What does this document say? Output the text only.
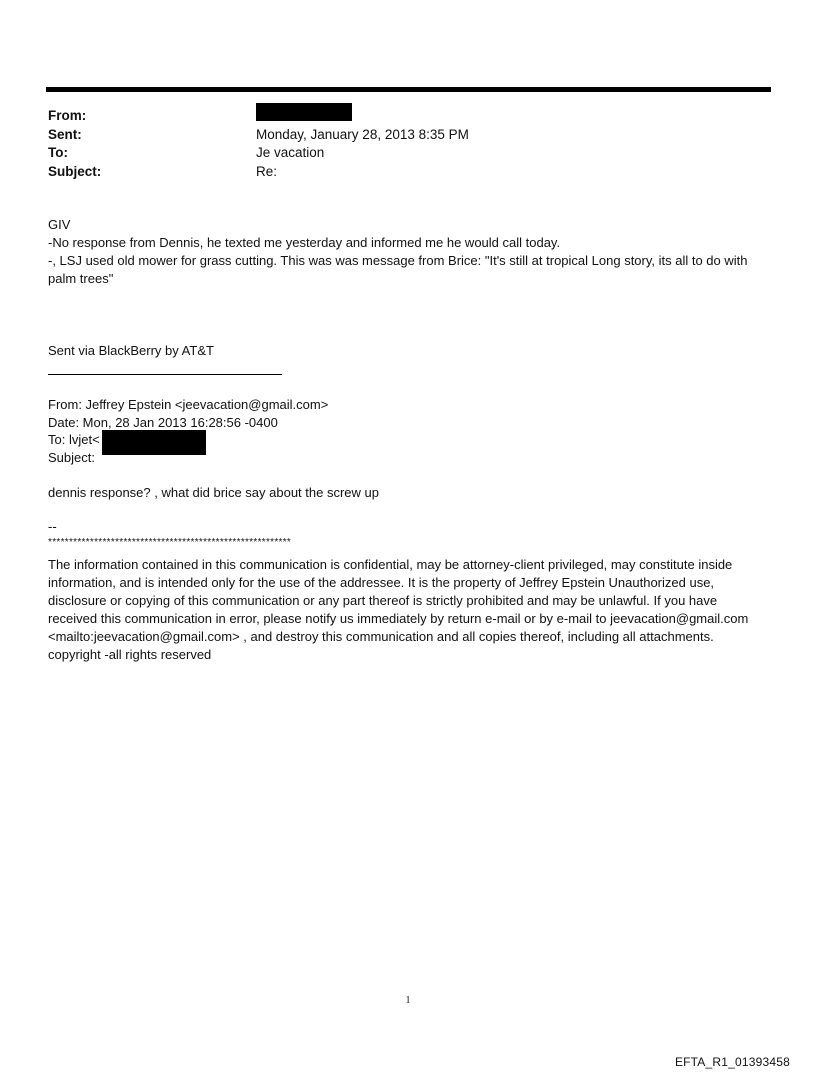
From:
Sent:	Monday, January 28, 2013 8:35 PM
To:	Je vacation
Subject:	Re:

GIV

-No response from Dennis, he texted me yesterday and informed me he would call today.

-, LSJ used old mower for grass cutting. This was was message from Brice: "It's still at tropical Long story, its all to do with palm trees"

Sent via BlackBerry by AT&T
From: Jeffrey Epstein <jeevacation@gmail.com>
Date: Mon, 28 Jan 2013 16:28:56 -0400
To: lvjet<
Subject:
dennis response? , what did brice say about the screw up
--
**********************************************************
The information contained in this communication is confidential, may be attorney-client privileged, may constitute inside information, and is intended only for the use of the addressee. It is the property of Jeffrey Epstein Unauthorized use, disclosure or copying of this communication or any part thereof is strictly prohibited and may be unlawful. If you have received this communication in error, please notify us immediately by return e-mail or by e-mail to jeevacation@gmail.com <mailto:jeevacation@gmail.com> , and destroy this communication and all copies thereof, including all attachments. copyright -all rights reserved
1
EFTA_R1_01393458
